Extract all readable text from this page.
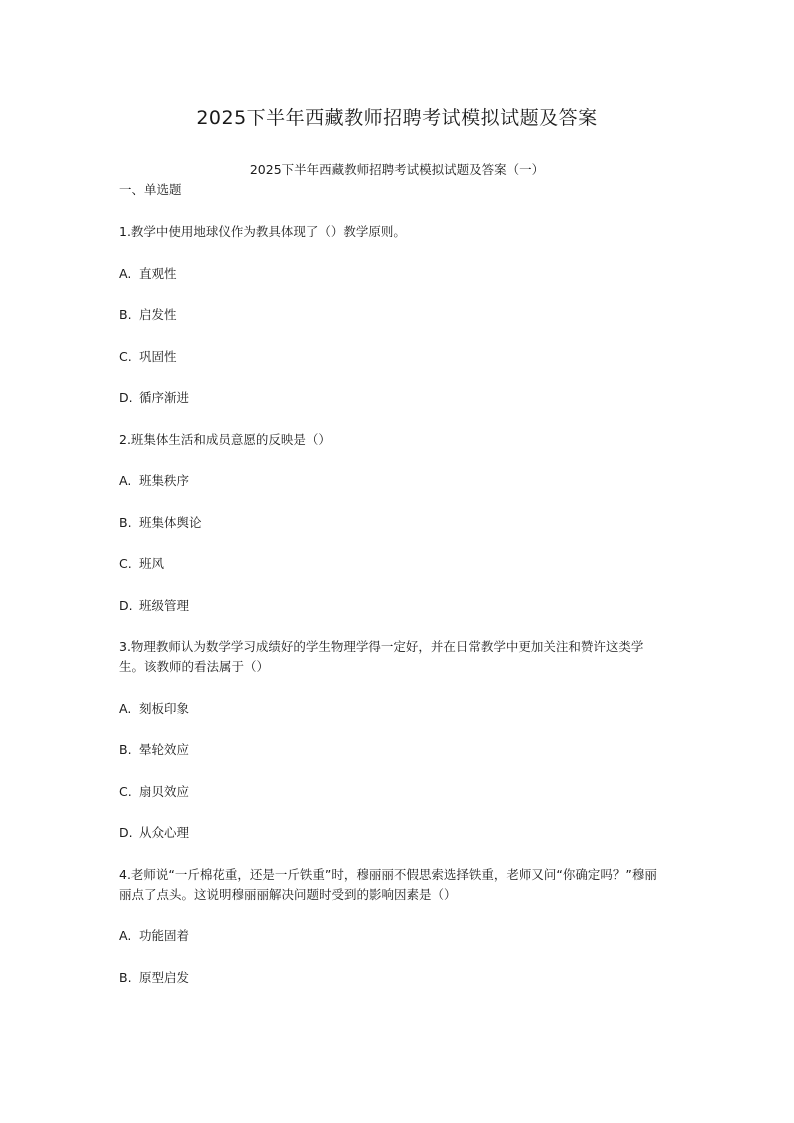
2025下半年西藏教师招聘考试模拟试题及答案
2025下半年西藏教师招聘考试模拟试题及答案（一）
一、单选题

1.教学中使用地球仪作为教具体现了（）教学原则。

A. 直观性

B. 启发性

C. 巩固性

D. 循序渐进

2.班集体生活和成员意愿的反映是（）

A. 班集秩序

B. 班集体舆论

C. 班风

D. 班级管理

3.物理教师认为数学学习成绩好的学生物理学得一定好，并在日常教学中更加关注和赞许这类学生。该教师的看法属于（）

A. 刻板印象

B. 晕轮效应

C. 扇贝效应

D. 从众心理

4.老师说“一斤棉花重，还是一斤铁重”时，穆丽丽不假思索选择铁重，老师又问“你确定吗？”穆丽丽点了点头。这说明穆丽丽解决问题时受到的影响因素是（）

A. 功能固着

B. 原型启发
